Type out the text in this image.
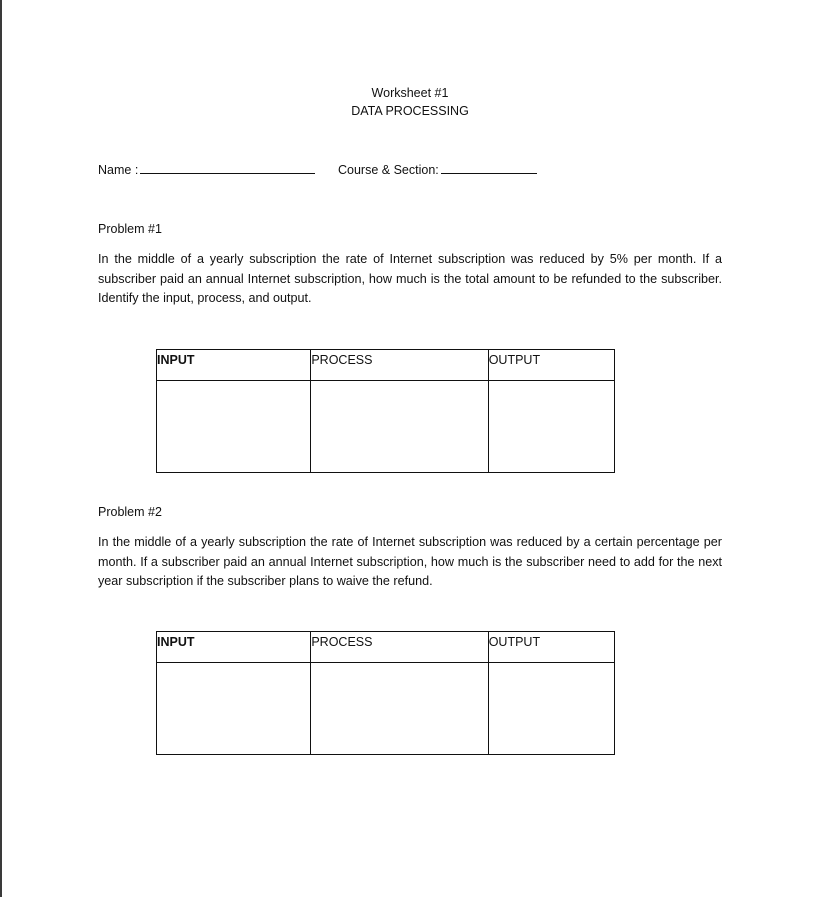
Worksheet #1
DATA PROCESSING
Name :	Course & Section:
Problem #1
In the middle of a yearly subscription the rate of Internet subscription was reduced by 5% per month. If a subscriber paid an annual Internet subscription, how much is the total amount to be refunded to the subscriber. Identify the input, process, and output.
INPUT	PROCESS	OUTPUT

Problem #2
In the middle of a yearly subscription the rate of Internet subscription was reduced by a certain percentage per month. If a subscriber paid an annual Internet subscription, how much is the subscriber need to add for the next year subscription if the subscriber plans to waive the refund.
INPUT	PROCESS	OUTPUT
